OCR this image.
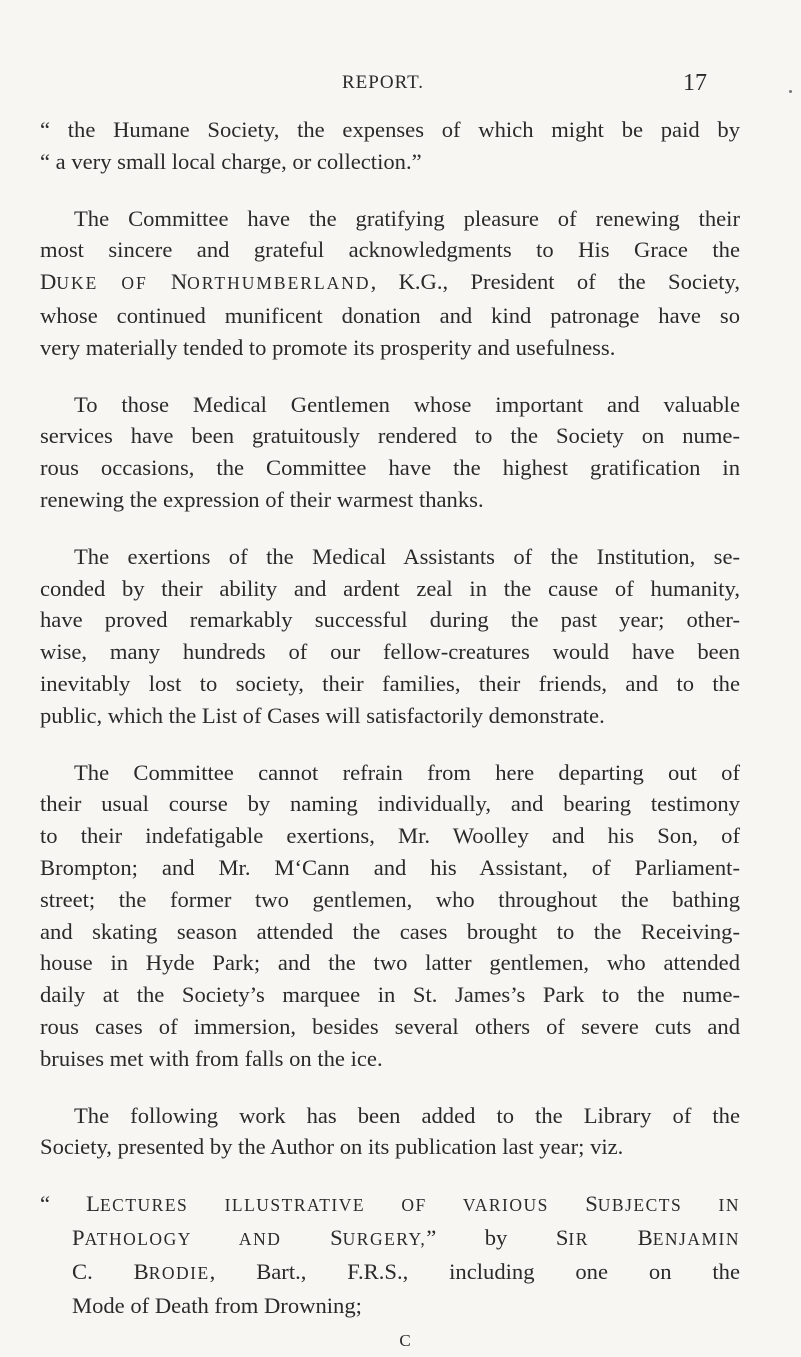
REPORT.	17
“ the Humane Society, the expenses of which might be paid by
“ a very small local charge, or collection.”
The Committee have the gratifying pleasure of renewing their
most sincere and grateful acknowledgments to His Grace the
DUKE OF NORTHUMBERLAND, K.G., President of the Society,
whose continued munificent donation and kind patronage have so
very materially tended to promote its prosperity and usefulness.
To those Medical Gentlemen whose important and valuable
services have been gratuitously rendered to the Society on nume-
rous occasions, the Committee have the highest gratification in
renewing the expression of their warmest thanks.
The exertions of the Medical Assistants of the Institution, se-
conded by their ability and ardent zeal in the cause of humanity,
have proved remarkably successful during the past year; other-
wise, many hundreds of our fellow-creatures would have been
inevitably lost to society, their families, their friends, and to the
public, which the List of Cases will satisfactorily demonstrate.
The Committee cannot refrain from here departing out of
their usual course by naming individually, and bearing testimony
to their indefatigable exertions, Mr. Woolley and his Son, of
Brompton; and Mr. M‘Cann and his Assistant, of Parliament-
street; the former two gentlemen, who throughout the bathing
and skating season attended the cases brought to the Receiving-
house in Hyde Park; and the two latter gentlemen, who attended
daily at the Society’s marquee in St. James’s Park to the nume-
rous cases of immersion, besides several others of severe cuts and
bruises met with from falls on the ice.
The following work has been added to the Library of the
Society, presented by the Author on its publication last year; viz.
“ LECTURES ILLUSTRATIVE OF VARIOUS SUBJECTS IN
PATHOLOGY AND SURGERY,” by SIR BENJAMIN
C. BRODIE, Bart., F.R.S., including one on the
Mode of Death from Drowning;
C
